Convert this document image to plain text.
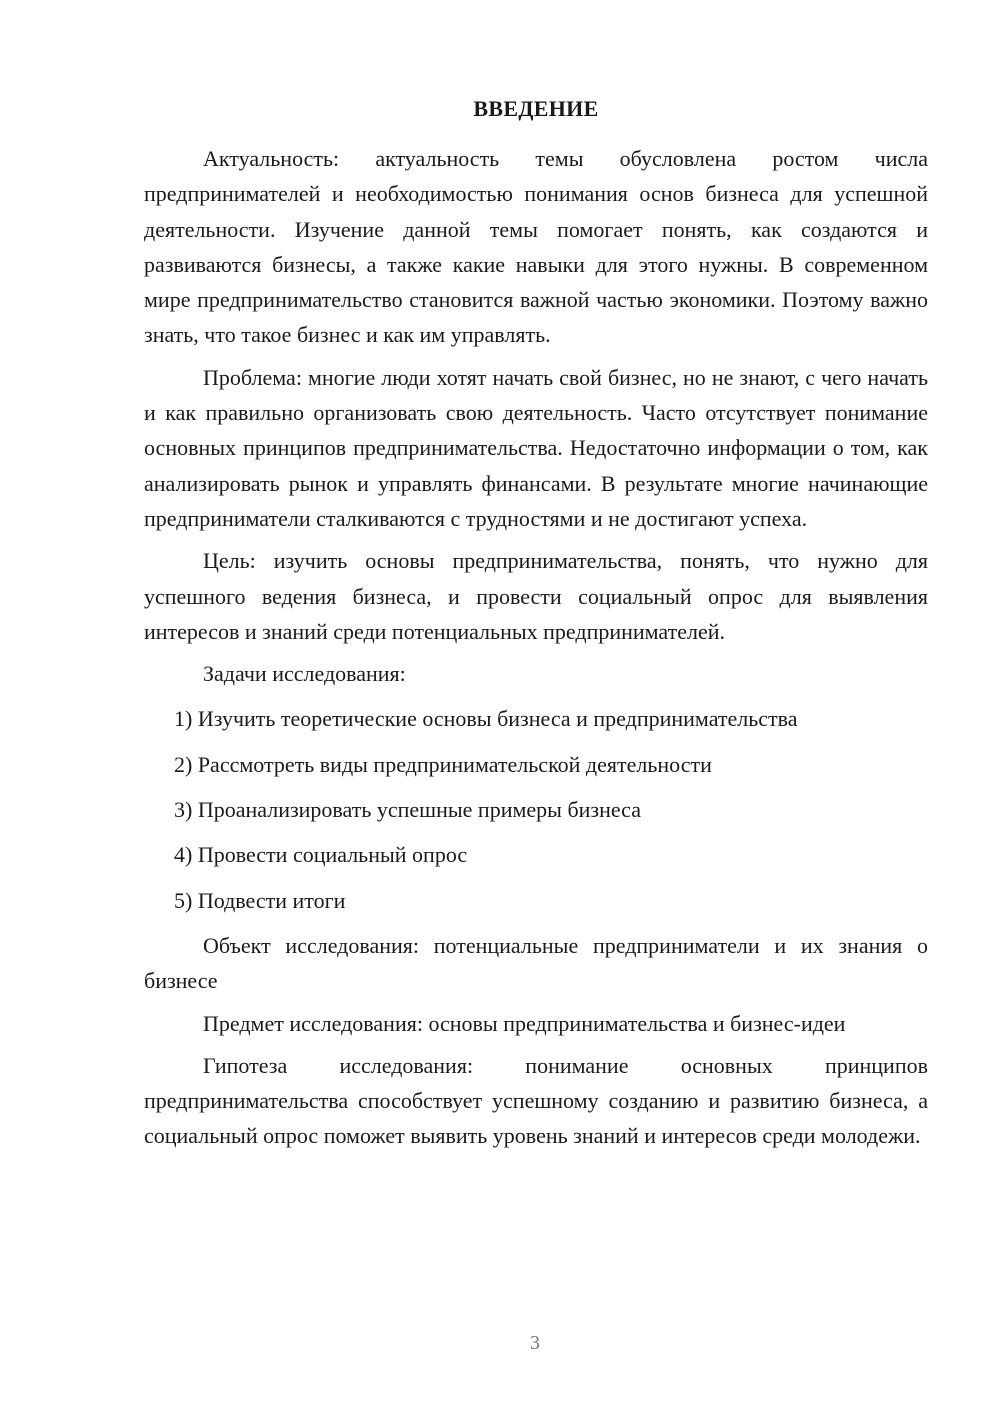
ВВЕДЕНИЕ

Актуальность: актуальность темы обусловлена ростом числа предпринимателей и необходимостью понимания основ бизнеса для успешной деятельности. Изучение данной темы помогает понять, как создаются и развиваются бизнесы, а также какие навыки для этого нужны. В современном мире предпринимательство становится важной частью экономики. Поэтому важно знать, что такое бизнес и как им управлять.

Проблема: многие люди хотят начать свой бизнес, но не знают, с чего начать и как правильно организовать свою деятельность. Часто отсутствует понимание основных принципов предпринимательства. Недостаточно информации о том, как анализировать рынок и управлять финансами. В результате многие начинающие предприниматели сталкиваются с трудностями и не достигают успеха.

Цель: изучить основы предпринимательства, понять, что нужно для успешного ведения бизнеса, и провести социальный опрос для выявления интересов и знаний среди потенциальных предпринимателей.

Задачи исследования:

1) Изучить теоретические основы бизнеса и предпринимательства

2) Рассмотреть виды предпринимательской деятельности

3) Проанализировать успешные примеры бизнеса

4) Провести социальный опрос

5) Подвести итоги

Объект исследования: потенциальные предприниматели и их знания о бизнесе

Предмет исследования: основы предпринимательства и бизнес-идеи

Гипотеза исследования: понимание основных принципов предпринимательства способствует успешному созданию и развитию бизнеса, а социальный опрос поможет выявить уровень знаний и интересов среди молодежи.

3
